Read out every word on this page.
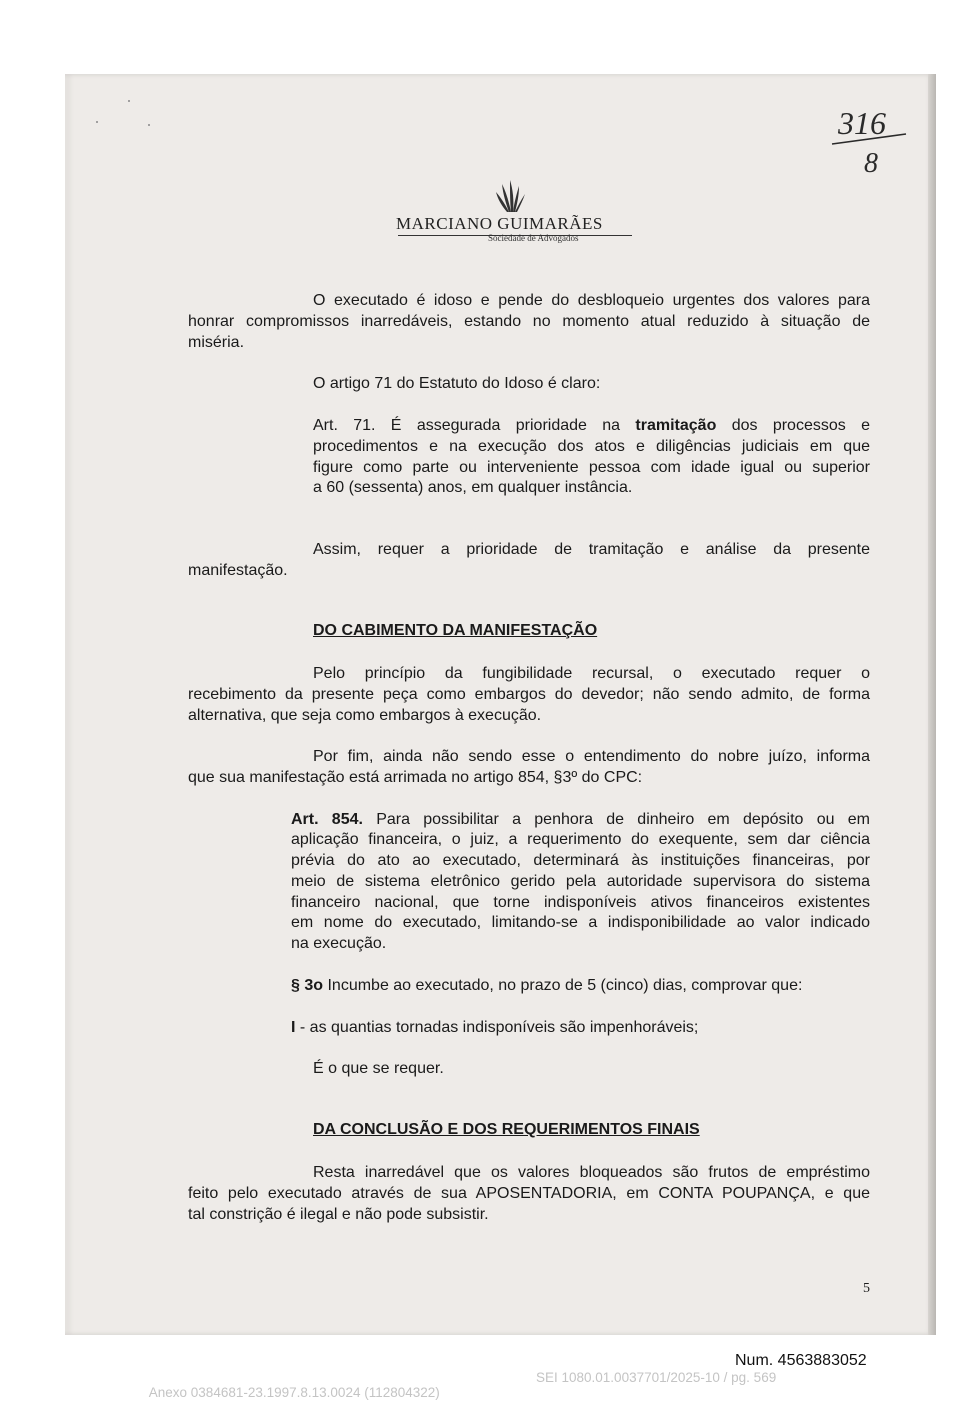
316
8
MARCIANO GUIMARÃES
Sociedade de Advogados
O executado é idoso e pende do desbloqueio urgentes dos valores para
honrar compromissos inarredáveis, estando no momento atual reduzido à situação de
miséria.
O artigo 71 do Estatuto do Idoso é claro:
Art. 71. É assegurada prioridade na tramitação dos processos e
procedimentos e na execução dos atos e diligências judiciais em que
figure como parte ou interveniente pessoa com idade igual ou superior
a 60 (sessenta) anos, em qualquer instância.
Assim, requer a prioridade de tramitação e análise da presente
manifestação.
DO CABIMENTO DA MANIFESTAÇÃO
Pelo princípio da fungibilidade recursal, o executado requer o
recebimento da presente peça como embargos do devedor; não sendo admito, de forma
alternativa, que seja como embargos à execução.
Por fim, ainda não sendo esse o entendimento do nobre juízo, informa
que sua manifestação está arrimada no artigo 854, §3º do CPC:
Art. 854. Para possibilitar a penhora de dinheiro em depósito ou em
aplicação financeira, o juiz, a requerimento do exequente, sem dar ciência
prévia do ato ao executado, determinará às instituições financeiras, por
meio de sistema eletrônico gerido pela autoridade supervisora do sistema
financeiro nacional, que torne indisponíveis ativos financeiros existentes
em nome do executado, limitando-se a indisponibilidade ao valor indicado
na execução.
§ 3o Incumbe ao executado, no prazo de 5 (cinco) dias, comprovar que:
I - as quantias tornadas indisponíveis são impenhoráveis;
É o que se requer.
DA CONCLUSÃO E DOS REQUERIMENTOS FINAIS
Resta inarredável que os valores bloqueados são frutos de empréstimo
feito pelo executado através de sua APOSENTADORIA, em CONTA POUPANÇA, e que
tal constrição é ilegal e não pode subsistir.
5
Num. 4563883052

Anexo 0384681-23.1997.8.13.0024 (112804322)

SEI 1080.01.0037701/2025-10 / pg. 569
